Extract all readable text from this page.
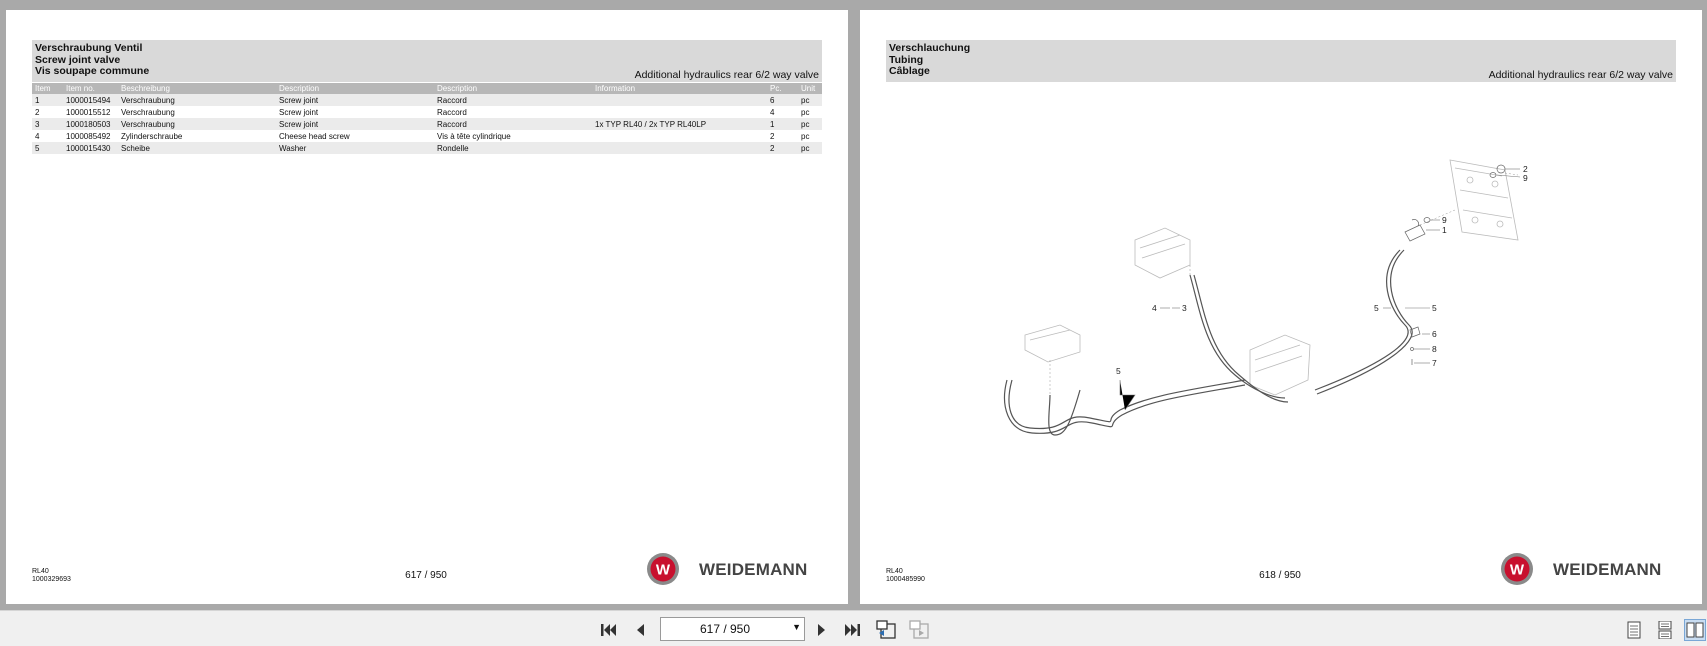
Verschraubung Ventil
Screw joint valve
Vis soupape commune	Additional hydraulics rear 6/2 way valve
Item	Item no.	Beschreibung	Description	Description	Information	Pc.	Unit
1	1000015494	Verschraubung	Screw joint	Raccord		6	pc
2	1000015512	Verschraubung	Screw joint	Raccord		4	pc
3	1000180503	Verschraubung	Screw joint	Raccord	1x TYP RL40 / 2x TYP RL40LP	1	pc
4	1000085492	Zylinderschraube	Cheese head screw	Vis à tête cylindrique		2	pc
5	1000015430	Scheibe	Washer	Rondelle		2	pc
RL40
1000329693	617 / 950	W WEIDEMANN
Verschlauchung
Tubing
Câblage	Additional hydraulics rear 6/2 way valve
2
9
9
1
4	3	5	5
6
8
7
5
RL40
1000485990	618 / 950	W WEIDEMANN
617 / 950	▼
